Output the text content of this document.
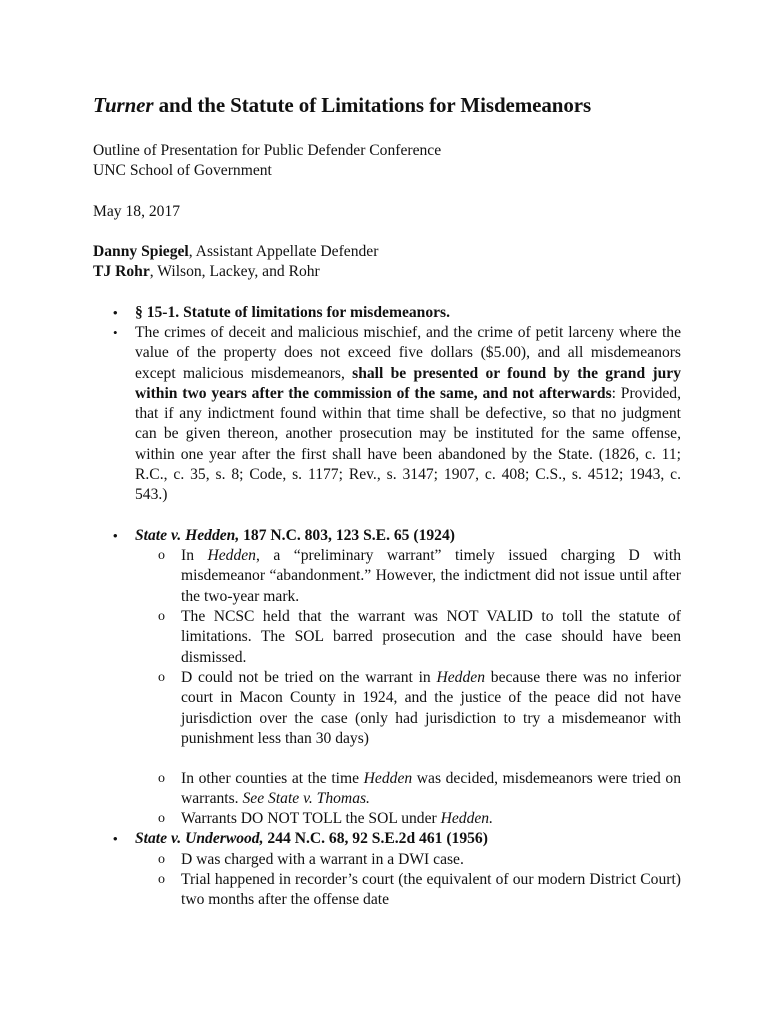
Turner and the Statute of Limitations for Misdemeanors
Outline of Presentation for Public Defender Conference
UNC School of Government
May 18, 2017
Danny Spiegel, Assistant Appellate Defender
TJ Rohr, Wilson, Lackey, and Rohr

• § 15-1. Statute of limitations for misdemeanors.

• The crimes of deceit and malicious mischief, and the crime of petit larceny where the value of the property does not exceed five dollars ($5.00), and all misdemeanors except malicious misdemeanors, shall be presented or found by the grand jury within two years after the commission of the same, and not afterwards: Provided, that if any indictment found within that time shall be defective, so that no judgment can be given thereon, another prosecution may be instituted for the same offense, within one year after the first shall have been abandoned by the State. (1826, c. 11; R.C., c. 35, s. 8; Code, s. 1177; Rev., s. 3147; 1907, c. 408; C.S., s. 4512; 1943, c. 543.)

• State v. Hedden, 187 N.C. 803, 123 S.E. 65 (1924)

o In Hedden, a “preliminary warrant” timely issued charging D with misdemeanor “abandonment.” However, the indictment did not issue until after the two-year mark.

o The NCSC held that the warrant was NOT VALID to toll the statute of limitations. The SOL barred prosecution and the case should have been dismissed.

o D could not be tried on the warrant in Hedden because there was no inferior court in Macon County in 1924, and the justice of the peace did not have jurisdiction over the case (only had jurisdiction to try a misdemeanor with punishment less than 30 days)

o In other counties at the time Hedden was decided, misdemeanors were tried on warrants. See State v. Thomas.

o Warrants DO NOT TOLL the SOL under Hedden.

• State v. Underwood, 244 N.C. 68, 92 S.E.2d 461 (1956)

o D was charged with a warrant in a DWI case.

o Trial happened in recorder’s court (the equivalent of our modern District Court) two months after the offense date
